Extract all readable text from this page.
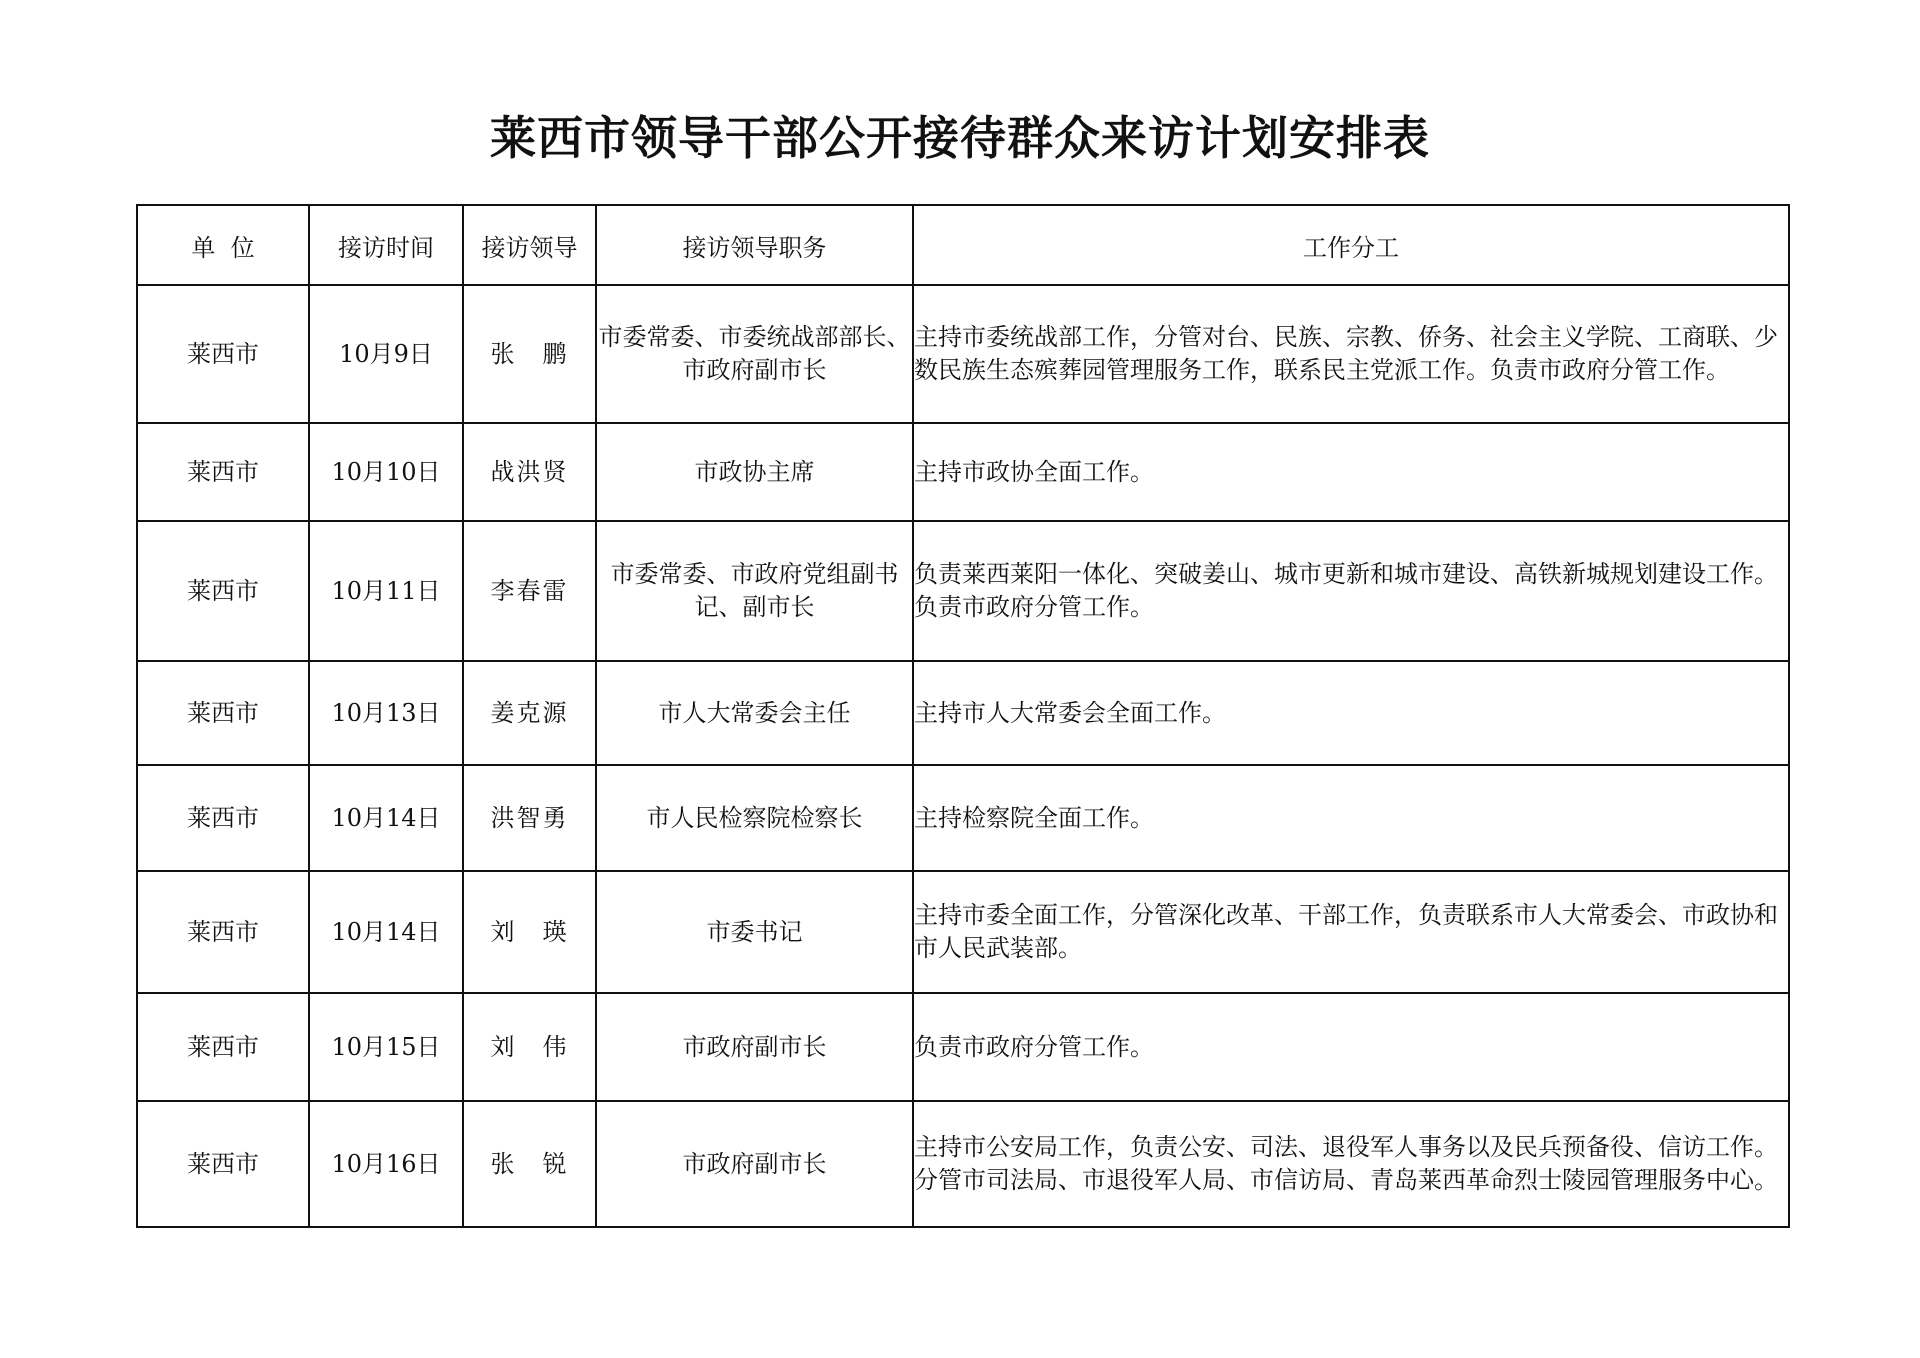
莱西市领导干部公开接待群众来访计划安排表
单  位	接访时间	接访领导	接访领导职务	工作分工
莱西市	10月9日	张　鹏	市委常委、市委统战部部长、市政府副市长	主持市委统战部工作，分管对台、民族、宗教、侨务、社会主义学院、工商联、少数民族生态殡葬园管理服务工作，联系民主党派工作。负责市政府分管工作。
莱西市	10月10日	战洪贤	市政协主席	主持市政协全面工作。
莱西市	10月11日	李春雷	市委常委、市政府党组副书记、副市长	负责莱西莱阳一体化、突破姜山、城市更新和城市建设、高铁新城规划建设工作。负责市政府分管工作。
莱西市	10月13日	姜克源	市人大常委会主任	主持市人大常委会全面工作。
莱西市	10月14日	洪智勇	市人民检察院检察长	主持检察院全面工作。
莱西市	10月14日	刘　瑛	市委书记	主持市委全面工作，分管深化改革、干部工作，负责联系市人大常委会、市政协和市人民武装部。
莱西市	10月15日	刘　伟	市政府副市长	负责市政府分管工作。
莱西市	10月16日	张　锐	市政府副市长	主持市公安局工作，负责公安、司法、退役军人事务以及民兵预备役、信访工作。分管市司法局、市退役军人局、市信访局、青岛莱西革命烈士陵园管理服务中心。
